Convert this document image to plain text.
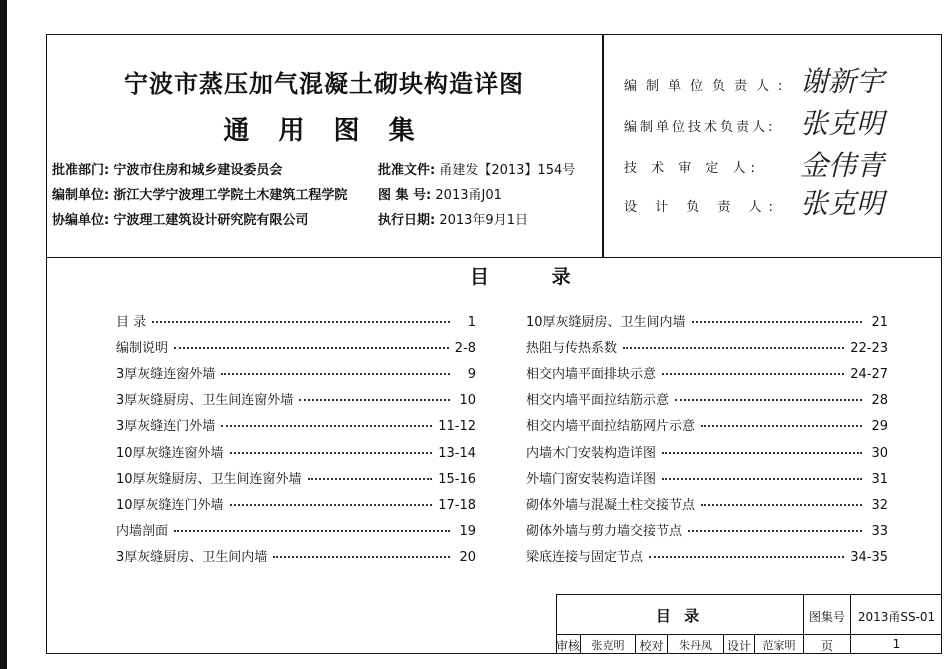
宁波市蒸压加气混凝土砌块构造详图
通 用 图 集
批准部门: 宁波市住房和城乡建设委员会
编制单位: 浙江大学宁波理工学院土木建筑工程学院
协编单位: 宁波理工建筑设计研究院有限公司
批准文件: 甬建发【2013】154号
图 集 号: 2013甬J01
执行日期: 2013年9月1日
编制单位负责人: 谢新宇
编制单位技术负责人: 张克明
技 术 审 定 人: 金伟青
设 计 负 责 人: 张克明
目 录
目 录	1
编制说明	2-8
3厚灰缝连窗外墙	9
3厚灰缝厨房、卫生间连窗外墙	10
3厚灰缝连门外墙	11-12
10厚灰缝连窗外墙	13-14
10厚灰缝厨房、卫生间连窗外墙	15-16
10厚灰缝连门外墙	17-18
内墙剖面	19
3厚灰缝厨房、卫生间内墙	20
10厚灰缝厨房、卫生间内墙	21
热阻与传热系数	22-23
相交内墙平面排块示意	24-27
相交内墙平面拉结筋示意	28
相交内墙平面拉结筋网片示意	29
内墙木门安装构造详图	30
外墙门窗安装构造详图	31
砌体外墙与混凝土柱交接节点	32
砌体外墙与剪力墙交接节点	33
梁底连接与固定节点	34-35
目 录	图集号	2013甬SS-01
审核	张克明	校对	朱丹凤	设计	范家明	页	1
